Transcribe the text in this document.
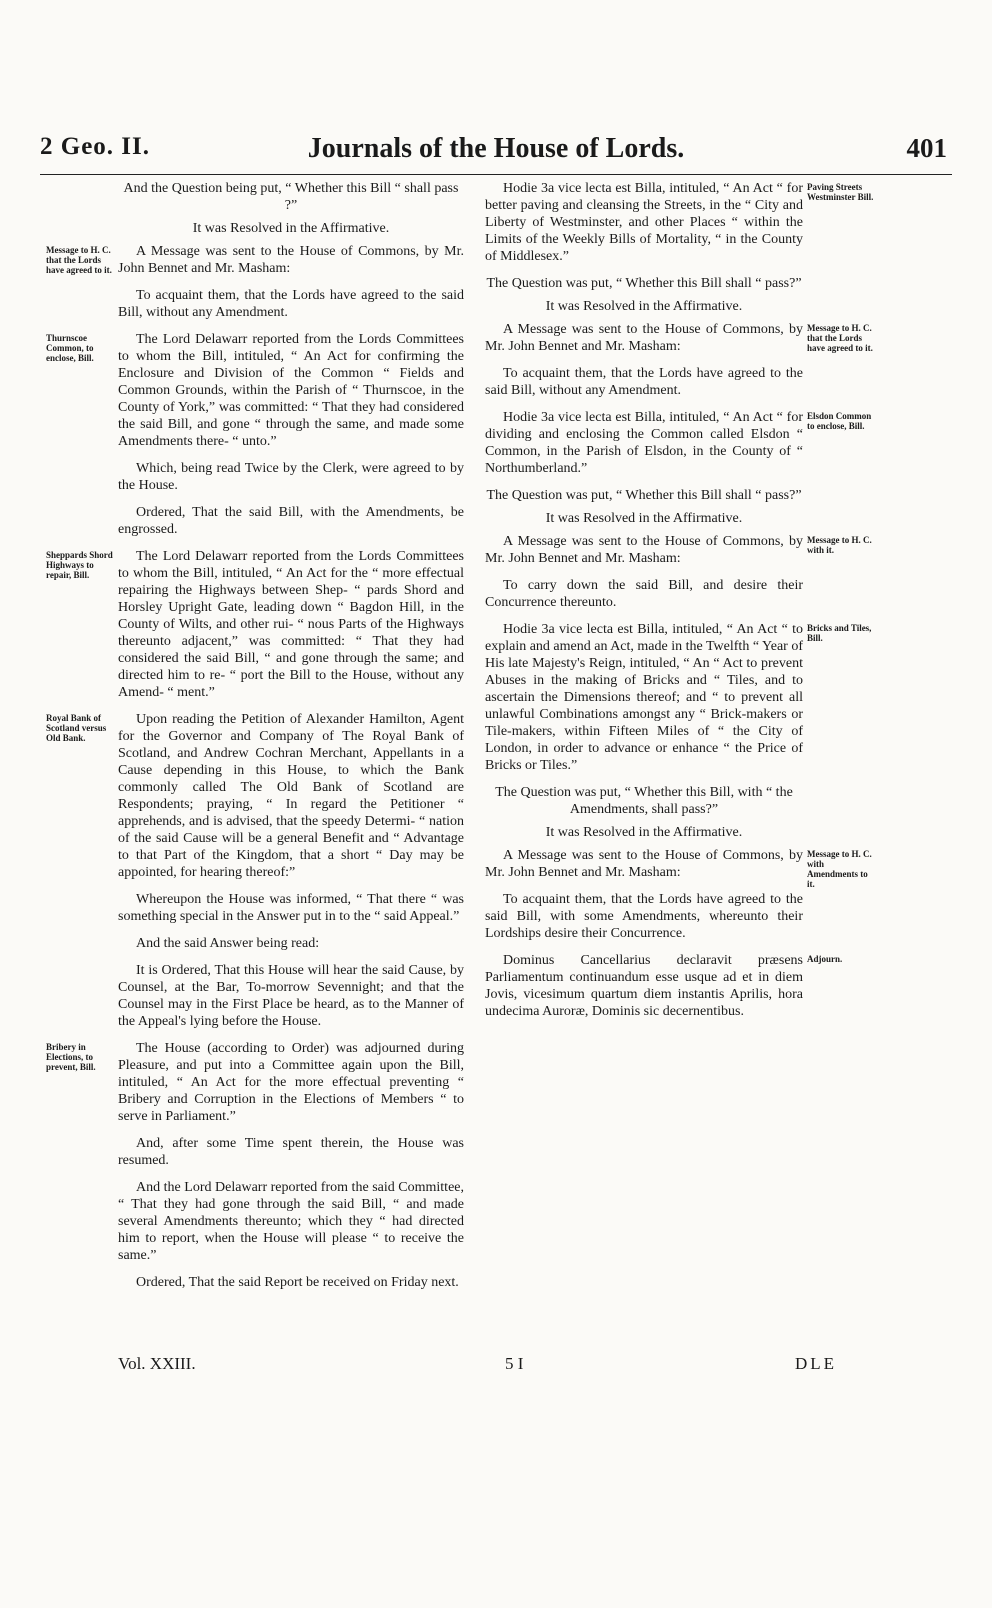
2 Geo. II.	Journals of the House of Lords.	401
And the Question being put, “ Whether this Bill “ shall pass ?”
It was Resolved in the Affirmative.
A Message was sent to the House of Commons, by Mr. John Bennet and Mr. Masham:
Message to H. C. that the Lords have agreed to it.
To acquaint them, that the Lords have agreed to the said Bill, without any Amendment.
The Lord Delawarr reported from the Lords Committees to whom the Bill, intituled, “ An Act for confirming the Enclosure and Division of the Common “ Fields and Common Grounds, within the Parish of “ Thurnscoe, in the County of York,” was committed: “ That they had considered the said Bill, and gone “ through the same, and made some Amendments there- “ unto.”
Thurnscoe Common, to enclose, Bill.
Which, being read Twice by the Clerk, were agreed to by the House.
Ordered, That the said Bill, with the Amendments, be engrossed.
The Lord Delawarr reported from the Lords Committees to whom the Bill, intituled, “ An Act for the “ more effectual repairing the Highways between Shep- “ pards Shord and Horsley Upright Gate, leading down “ Bagdon Hill, in the County of Wilts, and other rui- “ nous Parts of the Highways thereunto adjacent,” was committed: “ That they had considered the said Bill, “ and gone through the same; and directed him to re- “ port the Bill to the House, without any Amend- “ ment.”
Sheppards Shord Highways to repair, Bill.
Upon reading the Petition of Alexander Hamilton, Agent for the Governor and Company of The Royal Bank of Scotland, and Andrew Cochran Merchant, Appellants in a Cause depending in this House, to which the Bank commonly called The Old Bank of Scotland are Respondents; praying, “ In regard the Petitioner “ apprehends, and is advised, that the speedy Determi- “ nation of the said Cause will be a general Benefit and “ Advantage to that Part of the Kingdom, that a short “ Day may be appointed, for hearing thereof:”
Royal Bank of Scotland versus Old Bank.
Whereupon the House was informed, “ That there “ was something special in the Answer put in to the “ said Appeal.”
And the said Answer being read:
It is Ordered, That this House will hear the said Cause, by Counsel, at the Bar, To-morrow Sevennight; and that the Counsel may in the First Place be heard, as to the Manner of the Appeal's lying before the House.
The House (according to Order) was adjourned during Pleasure, and put into a Committee again upon the Bill, intituled, “ An Act for the more effectual preventing “ Bribery and Corruption in the Elections of Members “ to serve in Parliament.”
Bribery in Elections, to prevent, Bill.
And, after some Time spent therein, the House was resumed.
And the Lord Delawarr reported from the said Committee, “ That they had gone through the said Bill, “ and made several Amendments thereunto; which they “ had directed him to report, when the House will please “ to receive the same.”
Ordered, That the said Report be received on Friday next.
Hodie 3a vice lecta est Billa, intituled, “ An Act “ for better paving and cleansing the Streets, in the “ City and Liberty of Westminster, and other Places “ within the Limits of the Weekly Bills of Mortality, “ in the County of Middlesex.”
Paving Streets Westminster Bill.
The Question was put, “ Whether this Bill shall “ pass?”
It was Resolved in the Affirmative.
A Message was sent to the House of Commons, by Mr. John Bennet and Mr. Masham:
Message to H. C. that the Lords have agreed to it.
To acquaint them, that the Lords have agreed to the said Bill, without any Amendment.
Hodie 3a vice lecta est Billa, intituled, “ An Act “ for dividing and enclosing the Common called Elsdon “ Common, in the Parish of Elsdon, in the County of “ Northumberland.”
Elsdon Common to enclose, Bill.
The Question was put, “ Whether this Bill shall “ pass?”
It was Resolved in the Affirmative.
A Message was sent to the House of Commons, by Mr. John Bennet and Mr. Masham:
Message to H. C. with it.
To carry down the said Bill, and desire their Concurrence thereunto.
Hodie 3a vice lecta est Billa, intituled, “ An Act “ to explain and amend an Act, made in the Twelfth “ Year of His late Majesty's Reign, intituled, “ An “ Act to prevent Abuses in the making of Bricks and “ Tiles, and to ascertain the Dimensions thereof; and “ to prevent all unlawful Combinations amongst any “ Brick-makers or Tile-makers, within Fifteen Miles of “ the City of London, in order to advance or enhance “ the Price of Bricks or Tiles.”
Bricks and Tiles, Bill.
The Question was put, “ Whether this Bill, with “ the Amendments, shall pass?”
It was Resolved in the Affirmative.
A Message was sent to the House of Commons, by Mr. John Bennet and Mr. Masham:
Message to H. C. with Amendments to it.
To acquaint them, that the Lords have agreed to the said Bill, with some Amendments, whereunto their Lordships desire their Concurrence.
Dominus Cancellarius declaravit præsens Parliamentum continuandum esse usque ad et in diem Jovis, vicesimum quartum diem instantis Aprilis, hora undecima Auroræ, Dominis sic decernentibus.
Adjourn.
Vol. XXIII.	5 I	DLE
